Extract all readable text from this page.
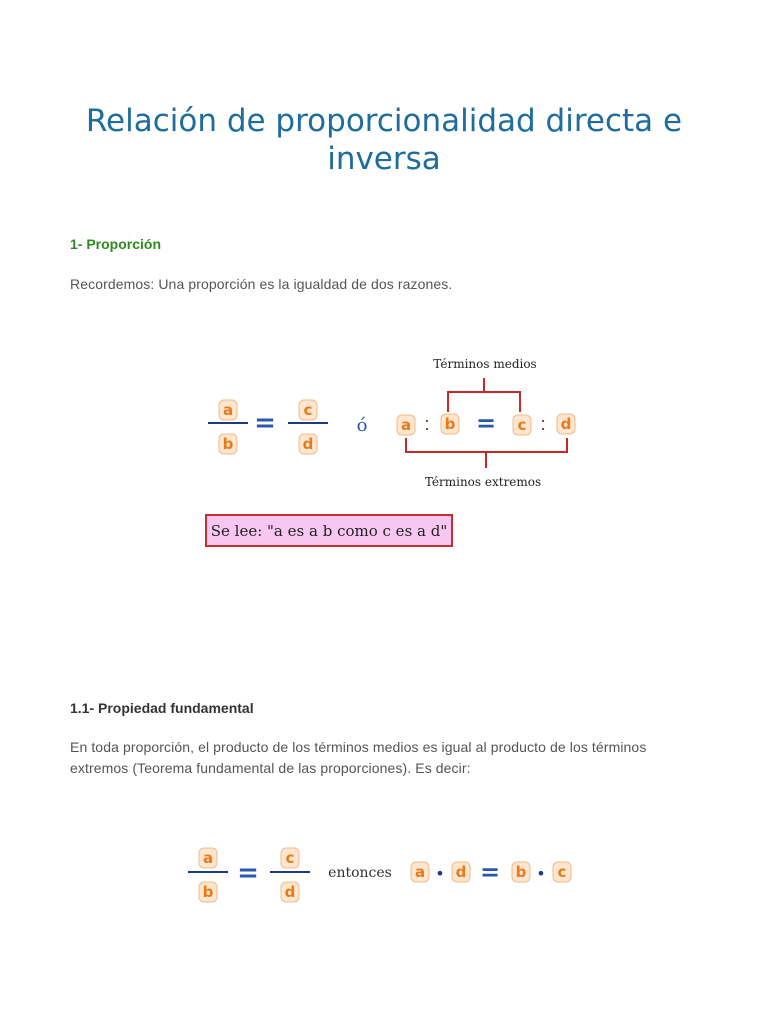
Relación de proporcionalidad directa e inversa
1- Proporción
Recordemos: Una proporción es la igualdad de dos razones.
a
b
c
d
a b	c d
=	ó	: = :
Términos medios
Términos extremos
Se lee: "a es a b como c es a d"
1.1- Propiedad fundamental
En toda proporción, el producto de los términos medios es igual al producto de los términos extremos (Teorema fundamental de las proporciones). Es decir:
a
b
c
d
a d	b c
=	entonces	• = •
